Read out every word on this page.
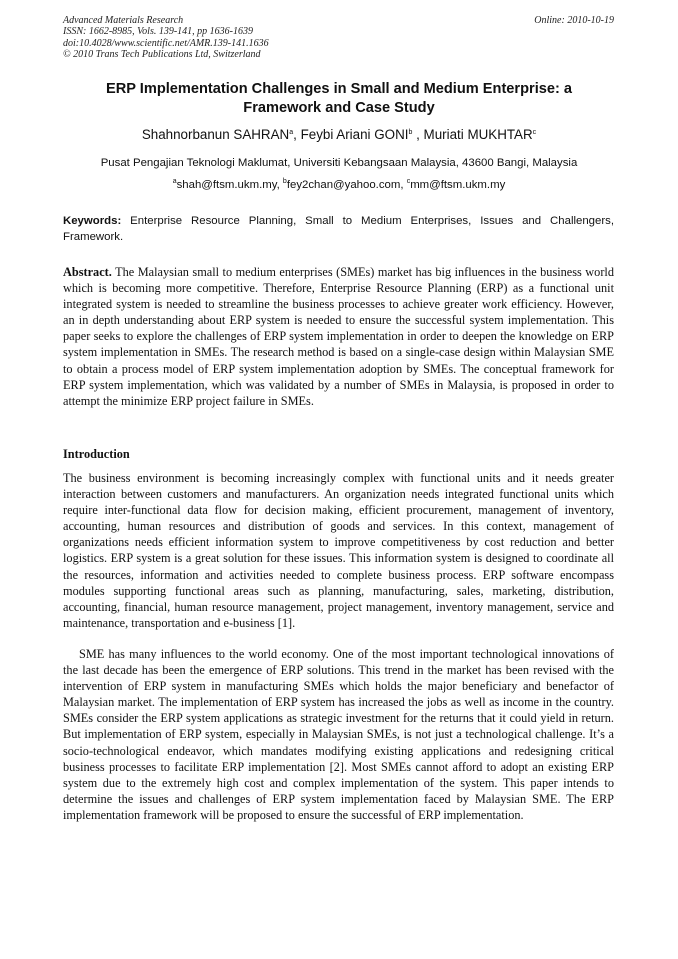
Advanced Materials Research
ISSN: 1662-8985, Vols. 139-141, pp 1636-1639
doi:10.4028/www.scientific.net/AMR.139-141.1636
© 2010 Trans Tech Publications Ltd, Switzerland
Online: 2010-10-19
ERP Implementation Challenges in Small and Medium Enterprise: a Framework and Case Study
Shahnorbanun SAHRAN$^a$, Feybi Ariani GONI$^b$ , Muriati MUKHTAR$^c$
Pusat Pengajian Teknologi Maklumat, Universiti Kebangsaan Malaysia, 43600 Bangi, Malaysia
$^a$shah@ftsm.ukm.my, $^b$fey2chan@yahoo.com, $^c$mm@ftsm.ukm.my
Keywords: Enterprise Resource Planning, Small to Medium Enterprises, Issues and Challengers, Framework.
Abstract. The Malaysian small to medium enterprises (SMEs) market has big influences in the business world which is becoming more competitive. Therefore, Enterprise Resource Planning (ERP) as a functional unit integrated system is needed to streamline the business processes to achieve greater work efficiency. However, an in depth understanding about ERP system is needed to ensure the successful system implementation. This paper seeks to explore the challenges of ERP system implementation in order to deepen the knowledge on ERP system implementation in SMEs. The research method is based on a single-case design within Malaysian SME to obtain a process model of ERP system implementation adoption by SMEs. The conceptual framework for ERP system implementation, which was validated by a number of SMEs in Malaysia, is proposed in order to attempt the minimize ERP project failure in SMEs.
Introduction
The business environment is becoming increasingly complex with functional units and it needs greater interaction between customers and manufacturers. An organization needs integrated functional units which require inter-functional data flow for decision making, efficient procurement, management of inventory, accounting, human resources and distribution of goods and services. In this context, management of organizations needs efficient information system to improve competitiveness by cost reduction and better logistics. ERP system is a great solution for these issues. This information system is designed to coordinate all the resources, information and activities needed to complete business process. ERP software encompass modules supporting functional areas such as planning, manufacturing, sales, marketing, distribution, accounting, financial, human resource management, project management, inventory management, service and maintenance, transportation and e-business [1].
SME has many influences to the world economy. One of the most important technological innovations of the last decade has been the emergence of ERP solutions. This trend in the market has been revised with the intervention of ERP system in manufacturing SMEs which holds the major beneficiary and benefactor of Malaysian market. The implementation of ERP system has increased the jobs as well as income in the country. SMEs consider the ERP system applications as strategic investment for the returns that it could yield in return. But implementation of ERP system, especially in Malaysian SMEs, is not just a technological challenge. It’s a socio-technological endeavor, which mandates modifying existing applications and redesigning critical business processes to facilitate ERP implementation [2]. Most SMEs cannot afford to adopt an existing ERP system due to the extremely high cost and complex implementation of the system. This paper intends to determine the issues and challenges of ERP system implementation faced by Malaysian SME. The ERP implementation framework will be proposed to ensure the successful of ERP implementation.
